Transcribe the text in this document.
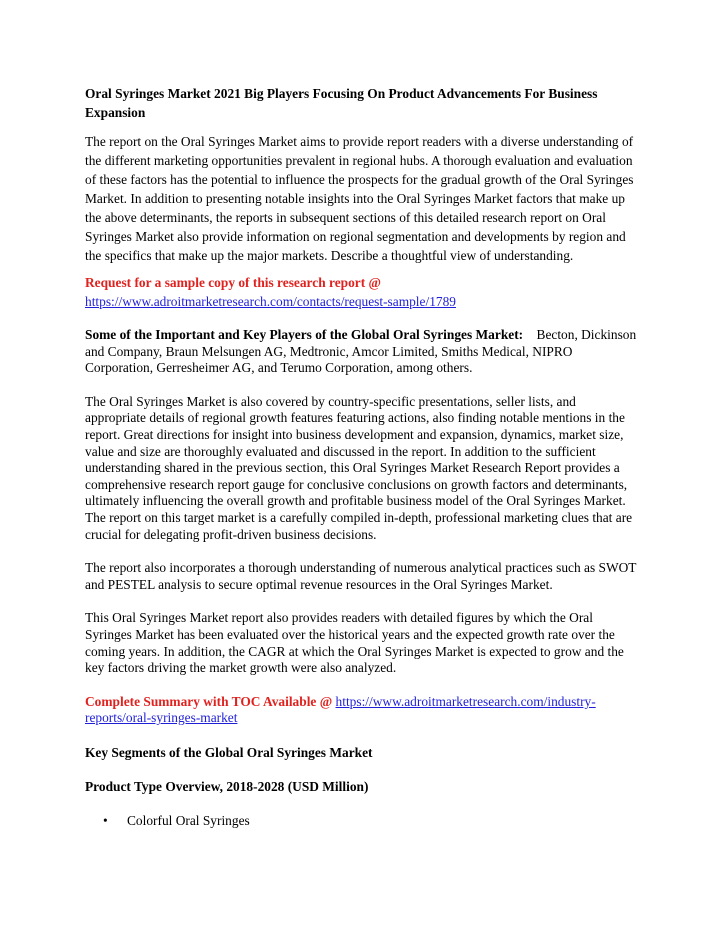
Oral Syringes Market 2021 Big Players Focusing On Product Advancements For Business Expansion

The report on the Oral Syringes Market aims to provide report readers with a diverse understanding of the different marketing opportunities prevalent in regional hubs. A thorough evaluation and evaluation of these factors has the potential to influence the prospects for the gradual growth of the Oral Syringes Market. In addition to presenting notable insights into the Oral Syringes Market factors that make up the above determinants, the reports in subsequent sections of this detailed research report on Oral Syringes Market also provide information on regional segmentation and developments by region and the specifics that make up the major markets. Describe a thoughtful view of understanding.

Request for a sample copy of this research report @
https://www.adroitmarketresearch.com/contacts/request-sample/1789

Some of the Important and Key Players of the Global Oral Syringes Market: Becton, Dickinson and Company, Braun Melsungen AG, Medtronic, Amcor Limited, Smiths Medical, NIPRO Corporation, Gerresheimer AG, and Terumo Corporation, among others.

The Oral Syringes Market is also covered by country-specific presentations, seller lists, and appropriate details of regional growth features featuring actions, also finding notable mentions in the report. Great directions for insight into business development and expansion, dynamics, market size, value and size are thoroughly evaluated and discussed in the report. In addition to the sufficient understanding shared in the previous section, this Oral Syringes Market Research Report provides a comprehensive research report gauge for conclusive conclusions on growth factors and determinants, ultimately influencing the overall growth and profitable business model of the Oral Syringes Market. The report on this target market is a carefully compiled in-depth, professional marketing clues that are crucial for delegating profit-driven business decisions.

The report also incorporates a thorough understanding of numerous analytical practices such as SWOT and PESTEL analysis to secure optimal revenue resources in the Oral Syringes Market.

This Oral Syringes Market report also provides readers with detailed figures by which the Oral Syringes Market has been evaluated over the historical years and the expected growth rate over the coming years. In addition, the CAGR at which the Oral Syringes Market is expected to grow and the key factors driving the market growth were also analyzed.

Complete Summary with TOC Available @ https://www.adroitmarketresearch.com/industry-reports/oral-syringes-market

Key Segments of the Global Oral Syringes Market

Product Type Overview, 2018-2028 (USD Million)

• Colorful Oral Syringes
